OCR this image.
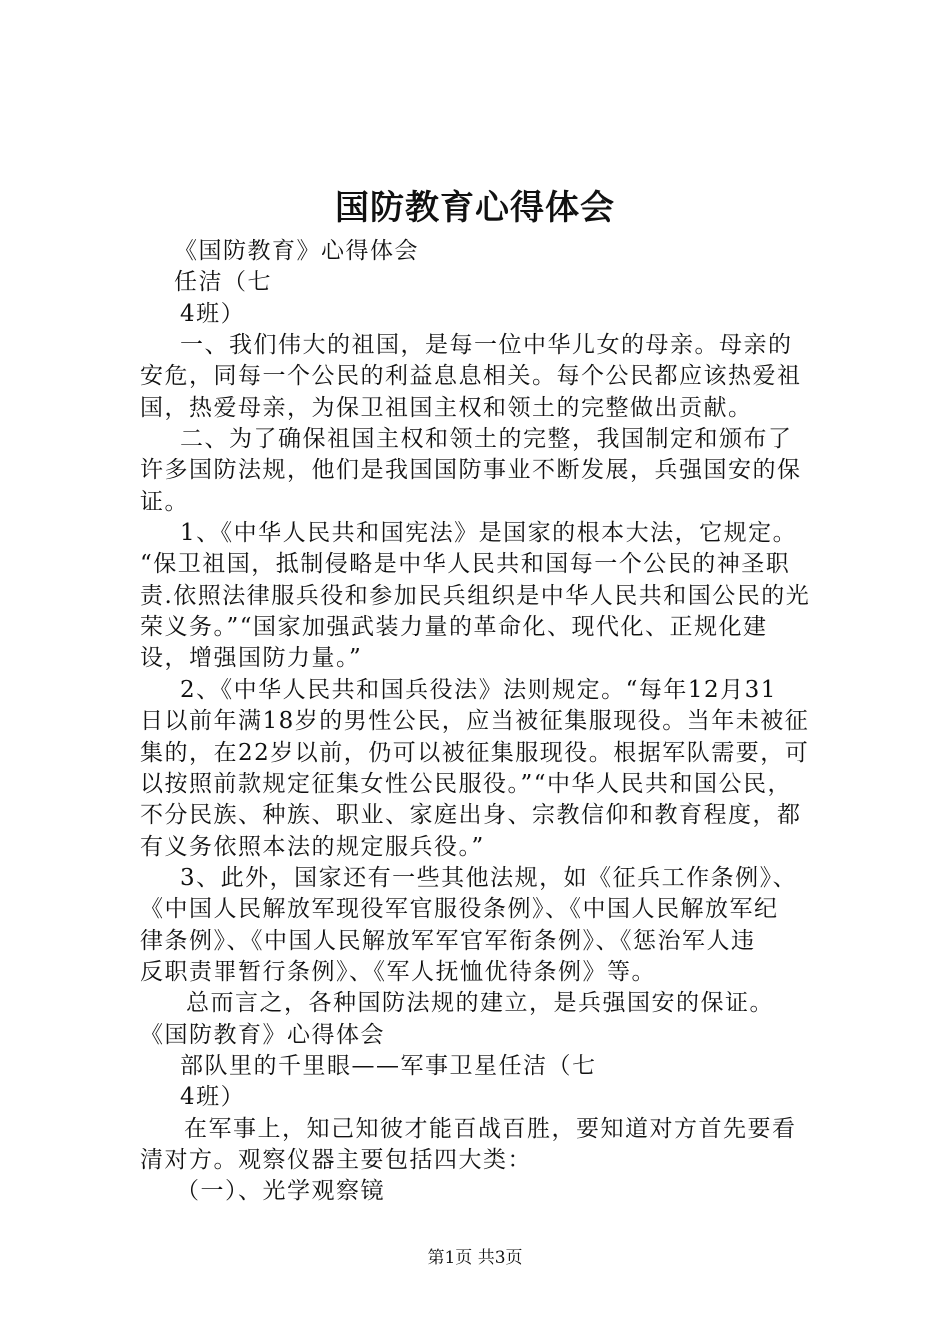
国防教育心得体会
《国防教育》心得体会
任洁（七
4班）
一、我们伟大的祖国，是每一位中华儿女的母亲。母亲的
安危，同每一个公民的利益息息相关。每个公民都应该热爱祖
国，热爱母亲，为保卫祖国主权和领土的完整做出贡献。
二、为了确保祖国主权和领土的完整，我国制定和颁布了
许多国防法规，他们是我国国防事业不断发展，兵强国安的保
证。
1、《中华人民共和国宪法》是国家的根本大法，它规定。
“保卫祖国，抵制侵略是中华人民共和国每一个公民的神圣职
责.依照法律服兵役和参加民兵组织是中华人民共和国公民的光
荣义务。”“国家加强武装力量的革命化、现代化、正规化建
设，增强国防力量。”
2、《中华人民共和国兵役法》法则规定。“每年12月31
日以前年满18岁的男性公民，应当被征集服现役。当年未被征
集的，在22岁以前，仍可以被征集服现役。根据军队需要，可
以按照前款规定征集女性公民服役。”“中华人民共和国公民，
不分民族、种族、职业、家庭出身、宗教信仰和教育程度，都
有义务依照本法的规定服兵役。”
3、此外，国家还有一些其他法规，如《征兵工作条例》、
《中国人民解放军现役军官服役条例》、《中国人民解放军纪
律条例》、《中国人民解放军军官军衔条例》、《惩治军人违
反职责罪暂行条例》、《军人抚恤优待条例》等。
总而言之，各种国防法规的建立，是兵强国安的保证。
《国防教育》心得体会
部队里的千里眼——军事卫星任洁（七
4班）
在军事上，知己知彼才能百战百胜，要知道对方首先要看
清对方。观察仪器主要包括四大类：
（一）、光学观察镜
第1页 共3页
